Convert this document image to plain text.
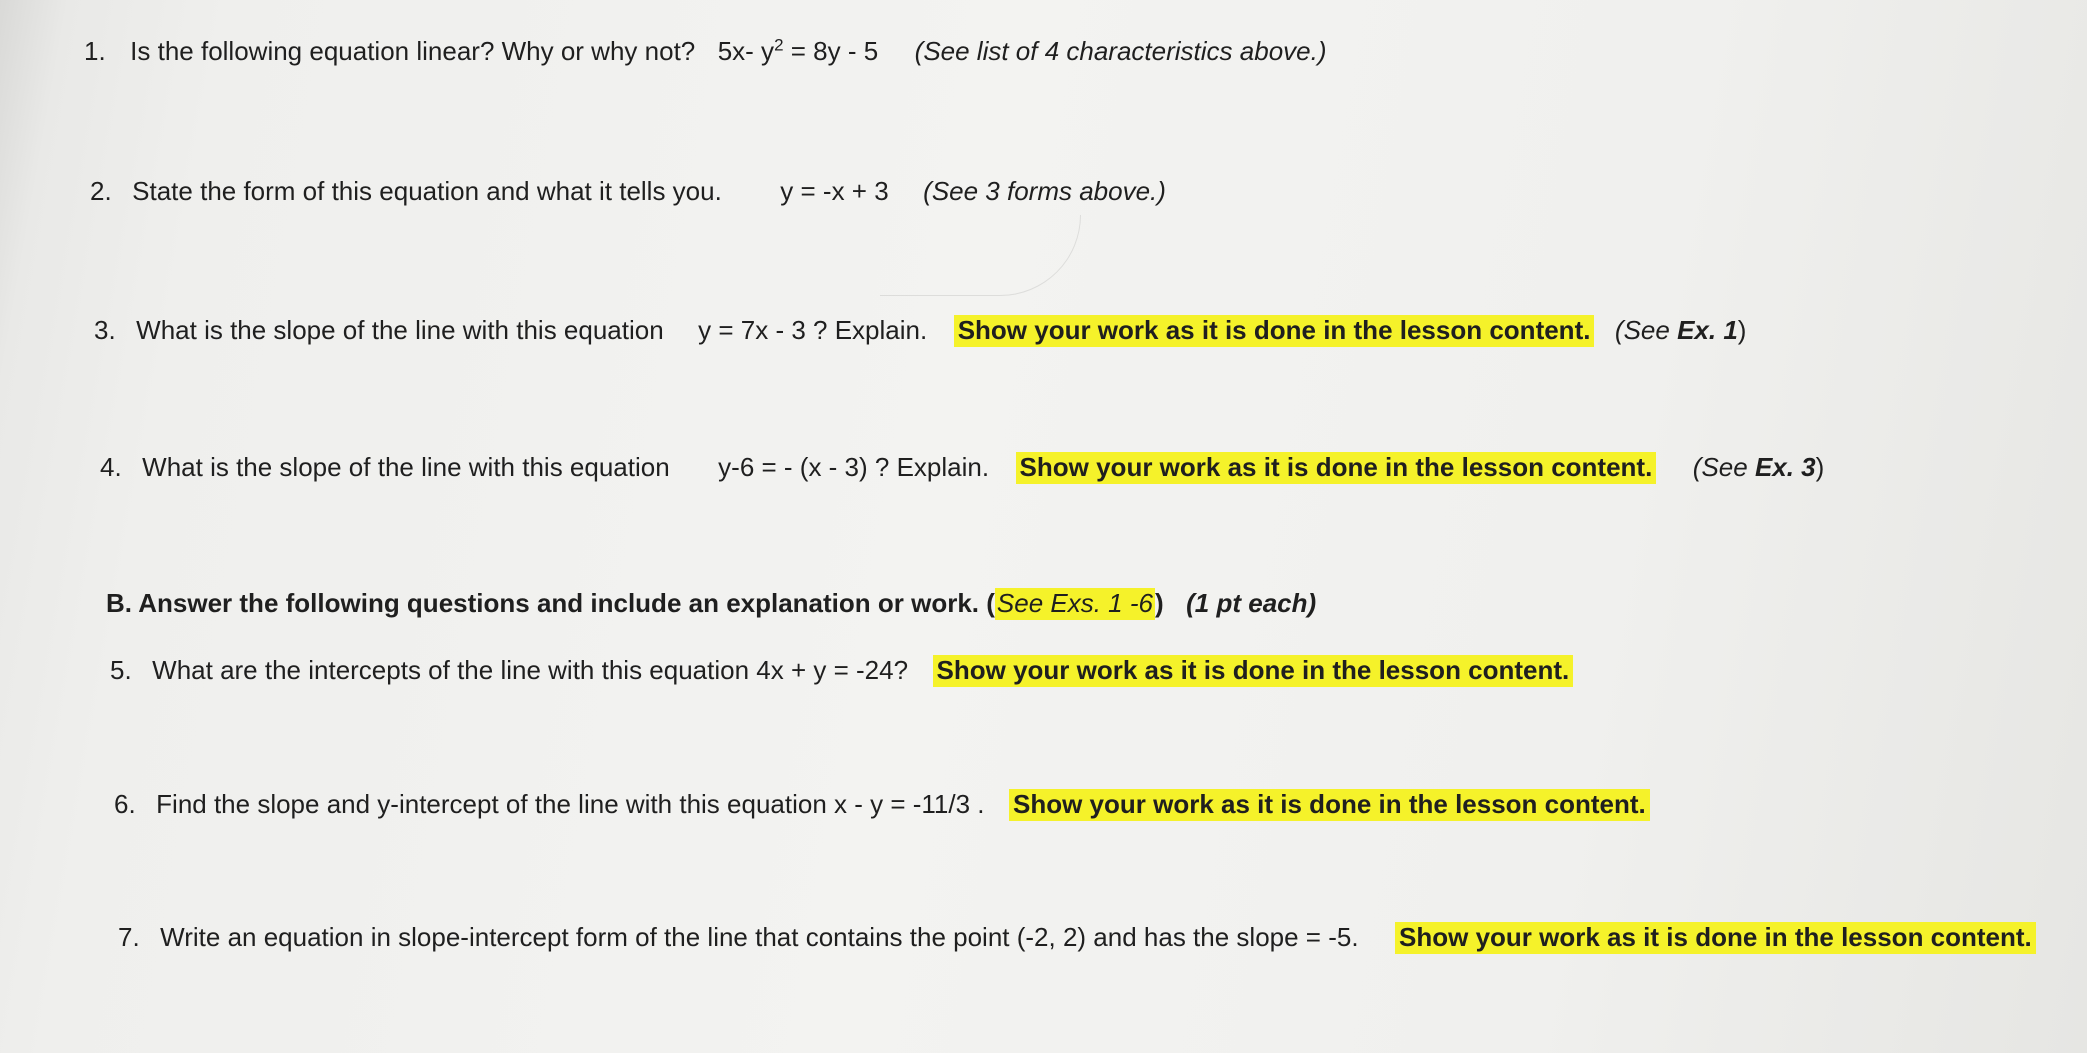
1. Is the following equation linear? Why or why not? 5x- $y^2 = 8y - 5$ (See list of 4 characteristics above.)
2. State the form of this equation and what it tells you. y = -x + 3 (See 3 forms above.)
3. What is the slope of the line with this equation y = 7x - 3 ? Explain. Show your work as it is done in the lesson content. (See Ex. 1)
4. What is the slope of the line with this equation y-6 = - (x - 3) ? Explain. Show your work as it is done in the lesson content. (See Ex. 3)
B. Answer the following questions and include an explanation or work. (See Exs. 1 -6) (1 pt each)
5. What are the intercepts of the line with this equation 4x + y = -24? Show your work as it is done in the lesson content.
6. Find the slope and y-intercept of the line with this equation x - y = -11/3 . Show your work as it is done in the lesson content.
7. Write an equation in slope-intercept form of the line that contains the point (-2, 2) and has the slope = -5. Show your work as it is done in the lesson content.
